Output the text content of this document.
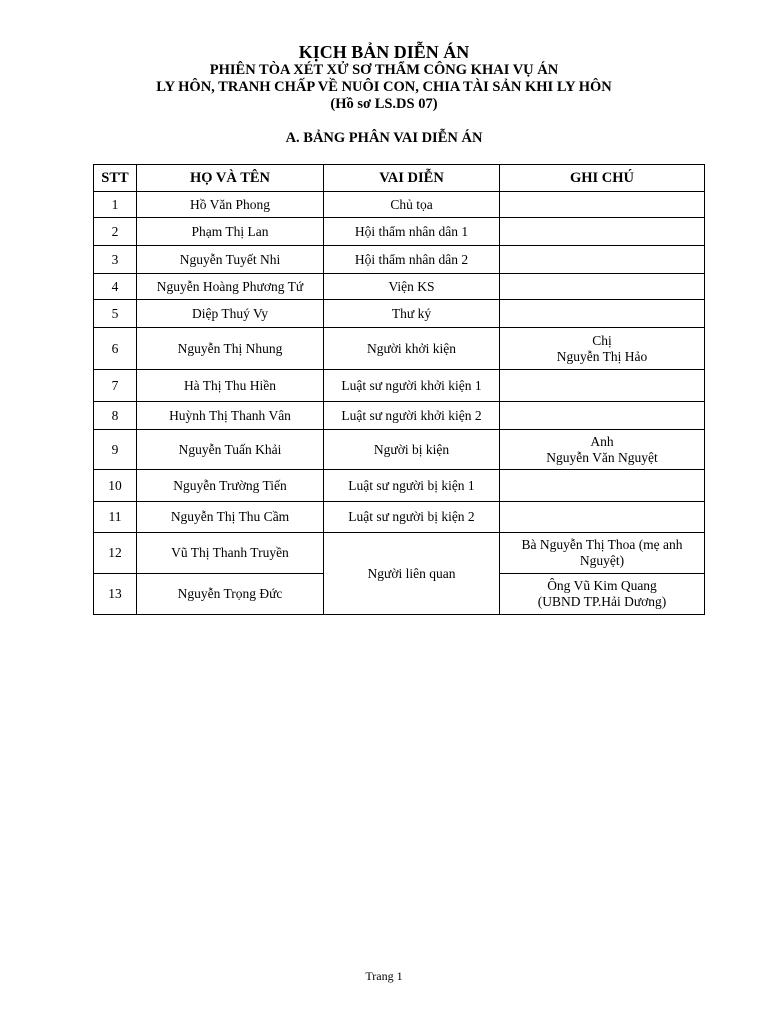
KỊCH BẢN DIỄN ÁN
PHIÊN TÒA XÉT XỬ SƠ THẨM CÔNG KHAI VỤ ÁN
LY HÔN, TRANH CHẤP VỀ NUÔI CON, CHIA TÀI SẢN KHI LY HÔN
(Hồ sơ LS.DS 07)
A. BẢNG PHÂN VAI DIỄN ÁN
STT	HỌ VÀ TÊN	VAI DIỄN	GHI CHÚ
1	Hồ Văn Phong	Chủ tọa	
2	Phạm Thị Lan	Hội thẩm nhân dân 1	
3	Nguyễn Tuyết Nhi	Hội thẩm nhân dân 2	
4	Nguyễn Hoàng Phương Tứ	Viện KS	
5	Diệp Thuý Vy	Thư ký	
6	Nguyễn Thị Nhung	Người khởi kiện	Chị
Nguyễn Thị Hảo

7	Hà Thị Thu Hiền	Luật sư người khởi kiện 1	
8	Huỳnh Thị Thanh Vân	Luật sư người khởi kiện 2	
9	Nguyễn Tuấn Khải	Người bị kiện	Anh
Nguyễn Văn Nguyệt

10	Nguyễn Trường Tiến	Luật sư người bị kiện 1	
11	Nguyễn Thị Thu Cầm	Luật sư người bị kiện 2	
12	Vũ Thị Thanh Truyền	Người liên quan	Bà Nguyễn Thị Thoa (mẹ anh
Nguyệt)

13	Nguyễn Trọng Đức		Ông Vũ Kim Quang
(UBND TP.Hải Dương)
Trang 1
